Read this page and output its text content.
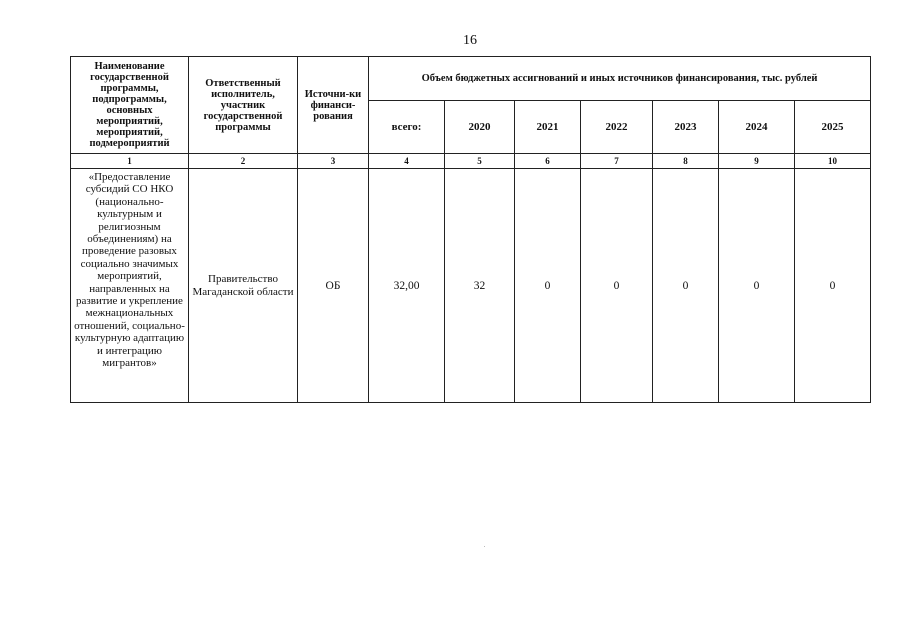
16
Наименование государственной программы, подпрограммы, основных мероприятий, мероприятий, подмероприятий	Ответственный исполнитель, участник государственной программы	Источни-ки финанси-рования	Объем бюджетных ассигнований и иных источников финансирования, тыс. рублей						
			всего:	2020	2021	2022	2023	2024	2025
1	2	3	4	5	6	7	8	9	10
«Предоставление субсидий СО НКО (национально-культурным и религиозным объединениям) на проведение разовых социально значимых мероприятий, направленных на развитие и укрепление межнациональных отношений, социально-культурную адаптацию и интеграцию мигрантов»	Правительство Магаданской области	ОБ	32,00	32	0	0	0	0	0
